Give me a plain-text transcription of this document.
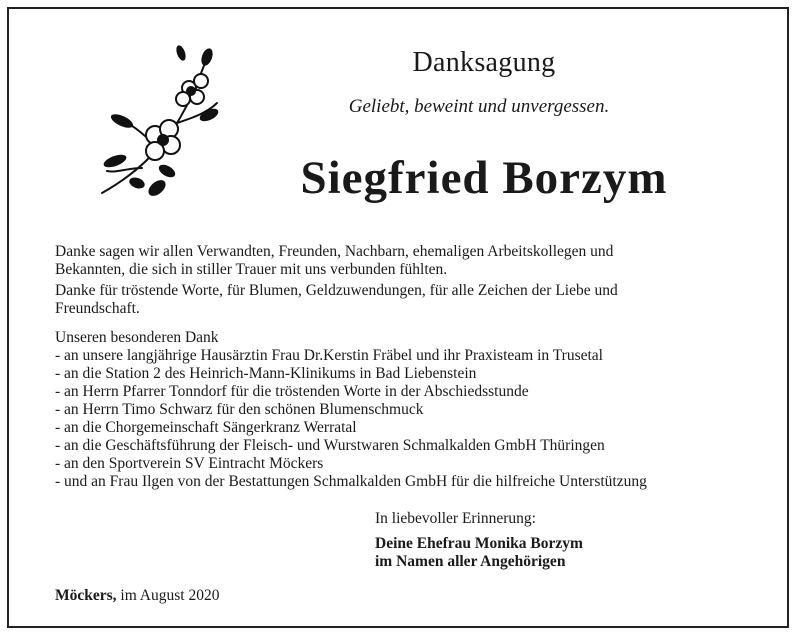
Danksagung
Geliebt, beweint und unvergessen.
Siegfried Borzym
Danke sagen wir allen Verwandten, Freunden, Nachbarn, ehemaligen Arbeitskollegen und
Bekannten, die sich in stiller Trauer mit uns verbunden fühlten.
Danke für tröstende Worte, für Blumen, Geldzuwendungen, für alle Zeichen der Liebe und
Freundschaft.
Unseren besonderen Dank
- an unsere langjährige Hausärztin Frau Dr.Kerstin Fräbel und ihr Praxisteam in Trusetal
- an die Station 2 des Heinrich-Mann-Klinikums in Bad Liebenstein
- an Herrn Pfarrer Tonndorf für die tröstenden Worte in der Abschiedsstunde
- an Herrn Timo Schwarz für den schönen Blumenschmuck
- an die Chorgemeinschaft Sängerkranz Werratal
- an die Geschäftsführung der Fleisch- und Wurstwaren Schmalkalden GmbH Thüringen
- an den Sportverein SV Eintracht Möckers
- und an Frau Ilgen von der Bestattungen Schmalkalden GmbH für die hilfreiche Unterstützung
In liebevoller Erinnerung:
Deine Ehefrau Monika Borzym
im Namen aller Angehörigen
Möckers, im August 2020
